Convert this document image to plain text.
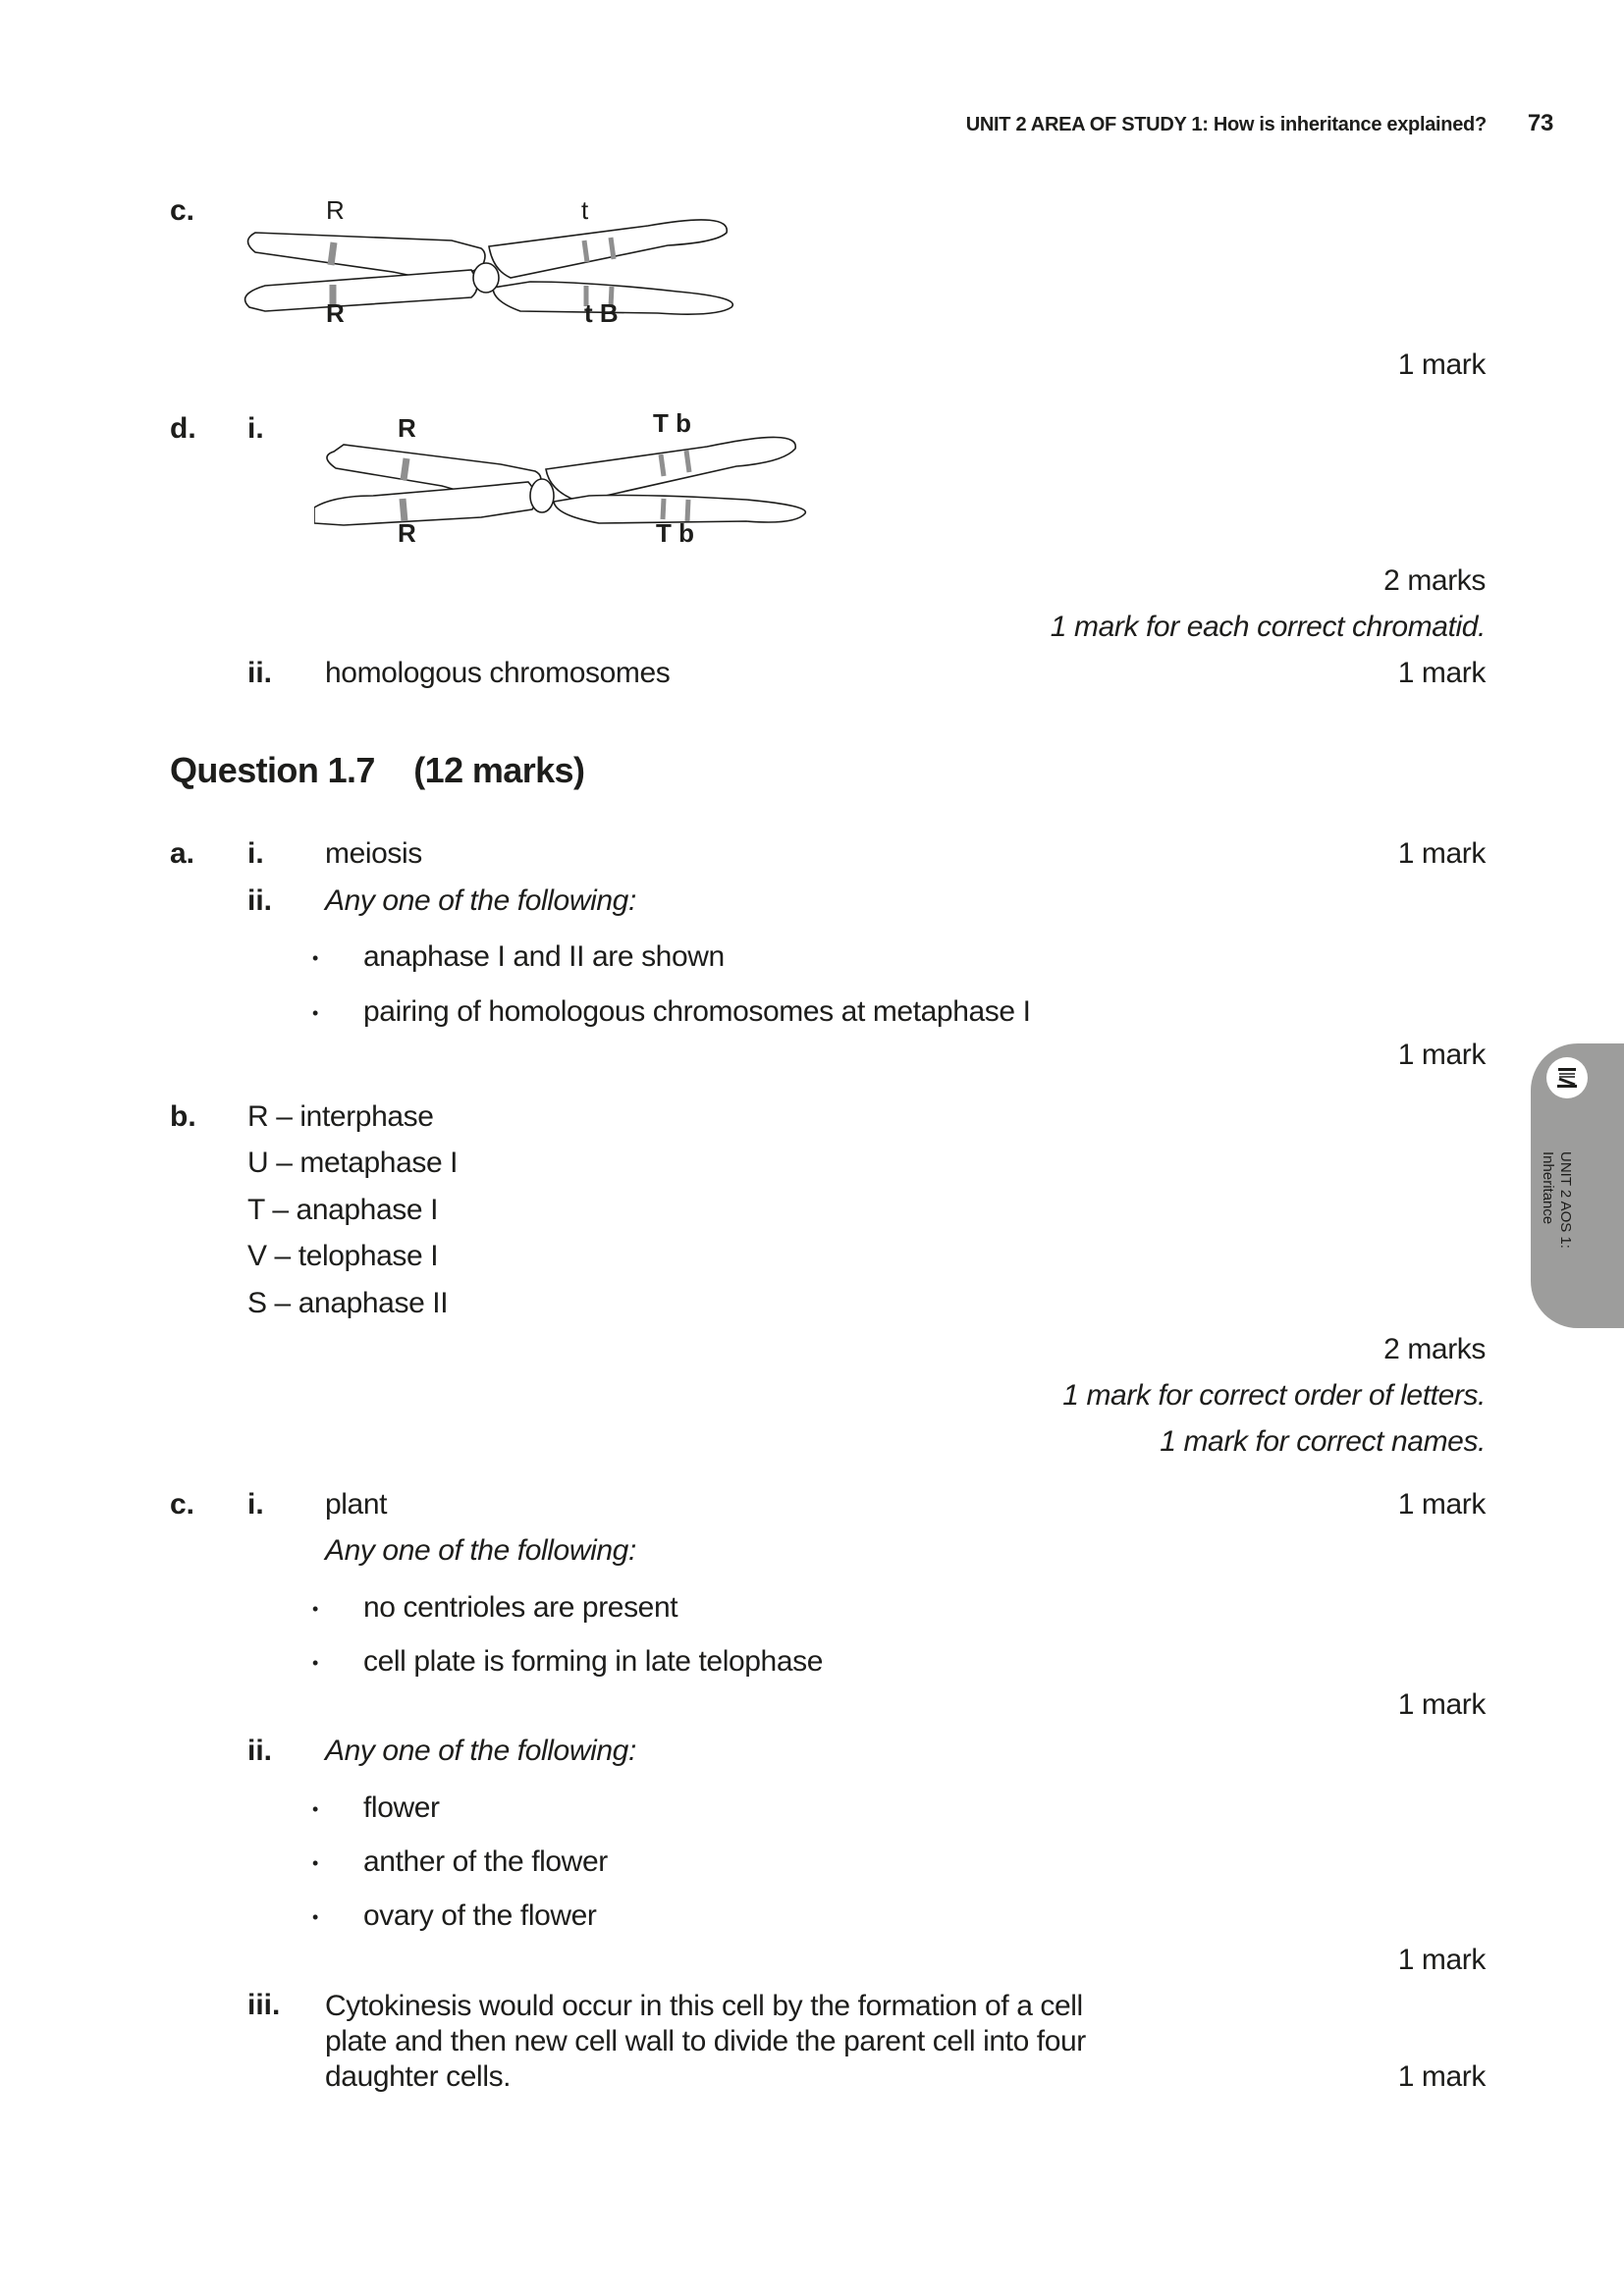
UNIT 2 AREA OF STUDY 1: How is inheritance explained? 73
UNIT 2 AOS 1:
Inheritance
c.	R	t
R	t B
1 mark
d. i.	R	T b
R	T b
2 marks
1 mark for each correct chromatid.
ii. homologous chromosomes	1 mark
Question 1.7 (12 marks)
a. i. meiosis	1 mark
ii. Any one of the following:
• anaphase I and II are shown
• pairing of homologous chromosomes at metaphase I
1 mark
b. R – interphase
U – metaphase I
T – anaphase I
V – telophase I
S – anaphase II
2 marks
1 mark for correct order of letters.
1 mark for correct names.
c. i. plant	1 mark
Any one of the following:
• no centrioles are present
• cell plate is forming in late telophase
1 mark
ii. Any one of the following:
• flower
• anther of the flower
• ovary of the flower
1 mark
iii. Cytokinesis would occur in this cell by the formation of a cell
plate and then new cell wall to divide the parent cell into four
daughter cells.	1 mark
